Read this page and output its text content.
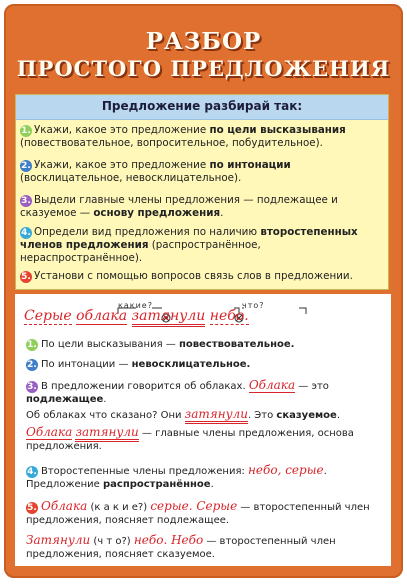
РАЗБОР
ПРОСТОГО ПРЕДЛОЖЕНИЯ
Предложение разбирай так:
1. Укажи, какое это предложение по цели высказывания (повествовательное, вопросительное, побудительное).
2. Укажи, какое это предложение по интонации (восклицательное, невосклицательное).
3. Выдели главные члены предложения — подлежащее и сказуемое — основу предложения.
4. Определи вид предложения по наличию второстепенных членов предложения (распространённое, нераспространённое).
5. Установи с помощью вопросов связь слов в предложении.
какие?	что?
Серые облака затянули небо.
1. По цели высказывания — повествовательное.
2. По интонации — невосклицательное.
3. В предложении говорится об облаках. Облака — это подлежащее.
Об облаках что сказано? Они затянули. Это сказуемое.
Облака затянули — главные члены предложения, основа предложения.
4. Второстепенные члены предложения: небо, серые. Предложение распространённое.
5. Облака (к а к и е?) серые. Серые — второстепенный член предложения, поясняет подлежащее.
Затянули (ч т о?) небо. Небо — второстепенный член предложения, поясняет сказуемое.
